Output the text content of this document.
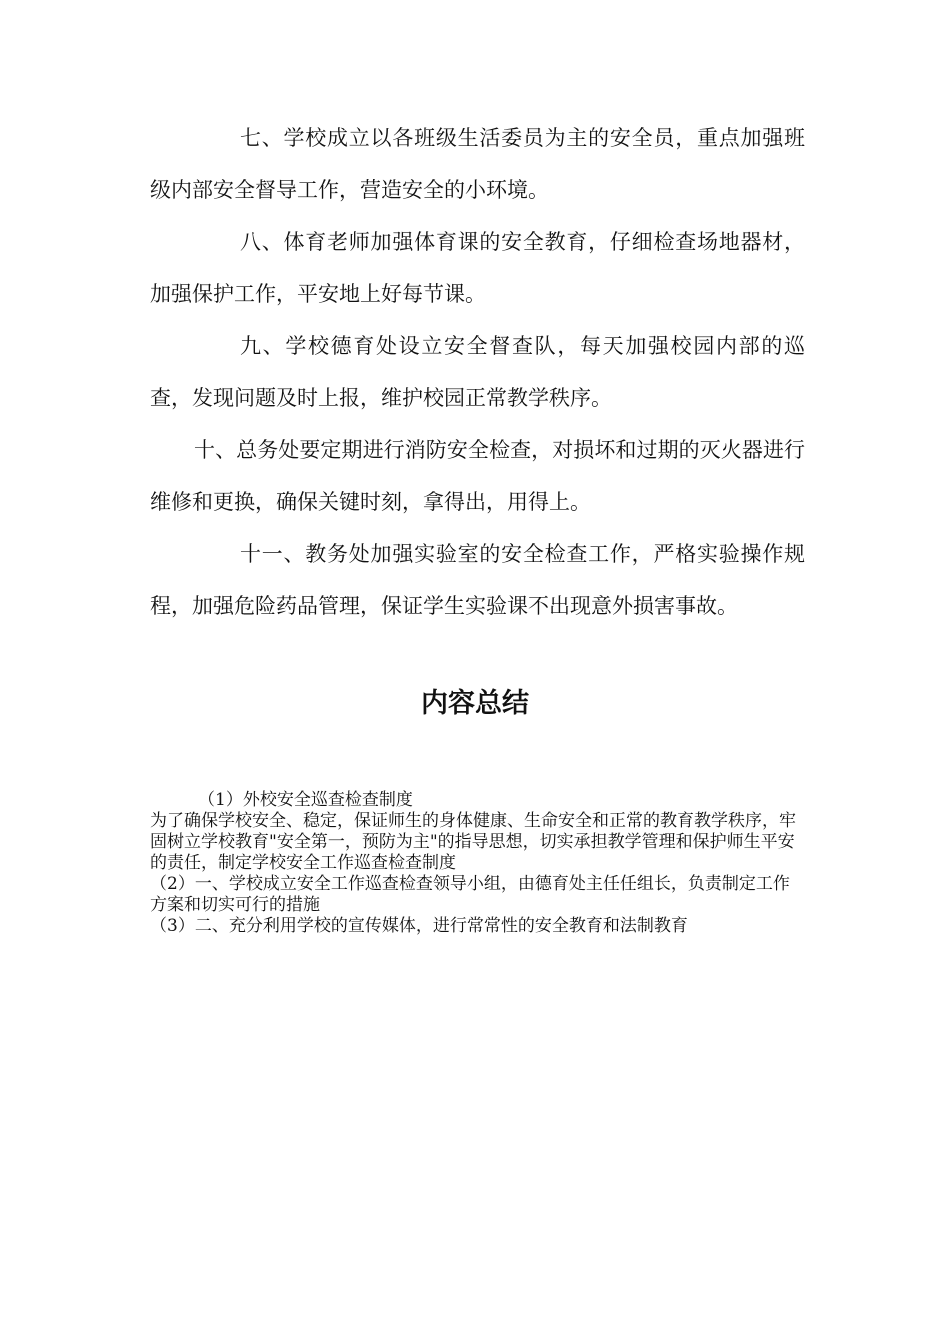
七、学校成立以各班级生活委员为主的安全员，重点加强班级内部安全督导工作，营造安全的小环境。

八、体育老师加强体育课的安全教育，仔细检查场地器材，加强保护工作，平安地上好每节课。

九、学校德育处设立安全督查队，每天加强校园内部的巡查，发现问题及时上报，维护校园正常教学秩序。

十、总务处要定期进行消防安全检查，对损坏和过期的灭火器进行维修和更换，确保关键时刻，拿得出，用得上。

十一、教务处加强实验室的安全检查工作，严格实验操作规程，加强危险药品管理，保证学生实验课不出现意外损害事故。

内容总结

（1）外校安全巡查检查制度

为了确保学校安全、稳定，保证师生的身体健康、生命安全和正常的教育教学秩序，牢固树立学校教育"安全第一，预防为主"的指导思想，切实承担教学管理和保护师生平安的责任，制定学校安全工作巡查检查制度

（2）一、学校成立安全工作巡查检查领导小组，由德育处主任任组长，负责制定工作方案和切实可行的措施

（3）二、充分利用学校的宣传媒体，进行常常性的安全教育和法制教育
